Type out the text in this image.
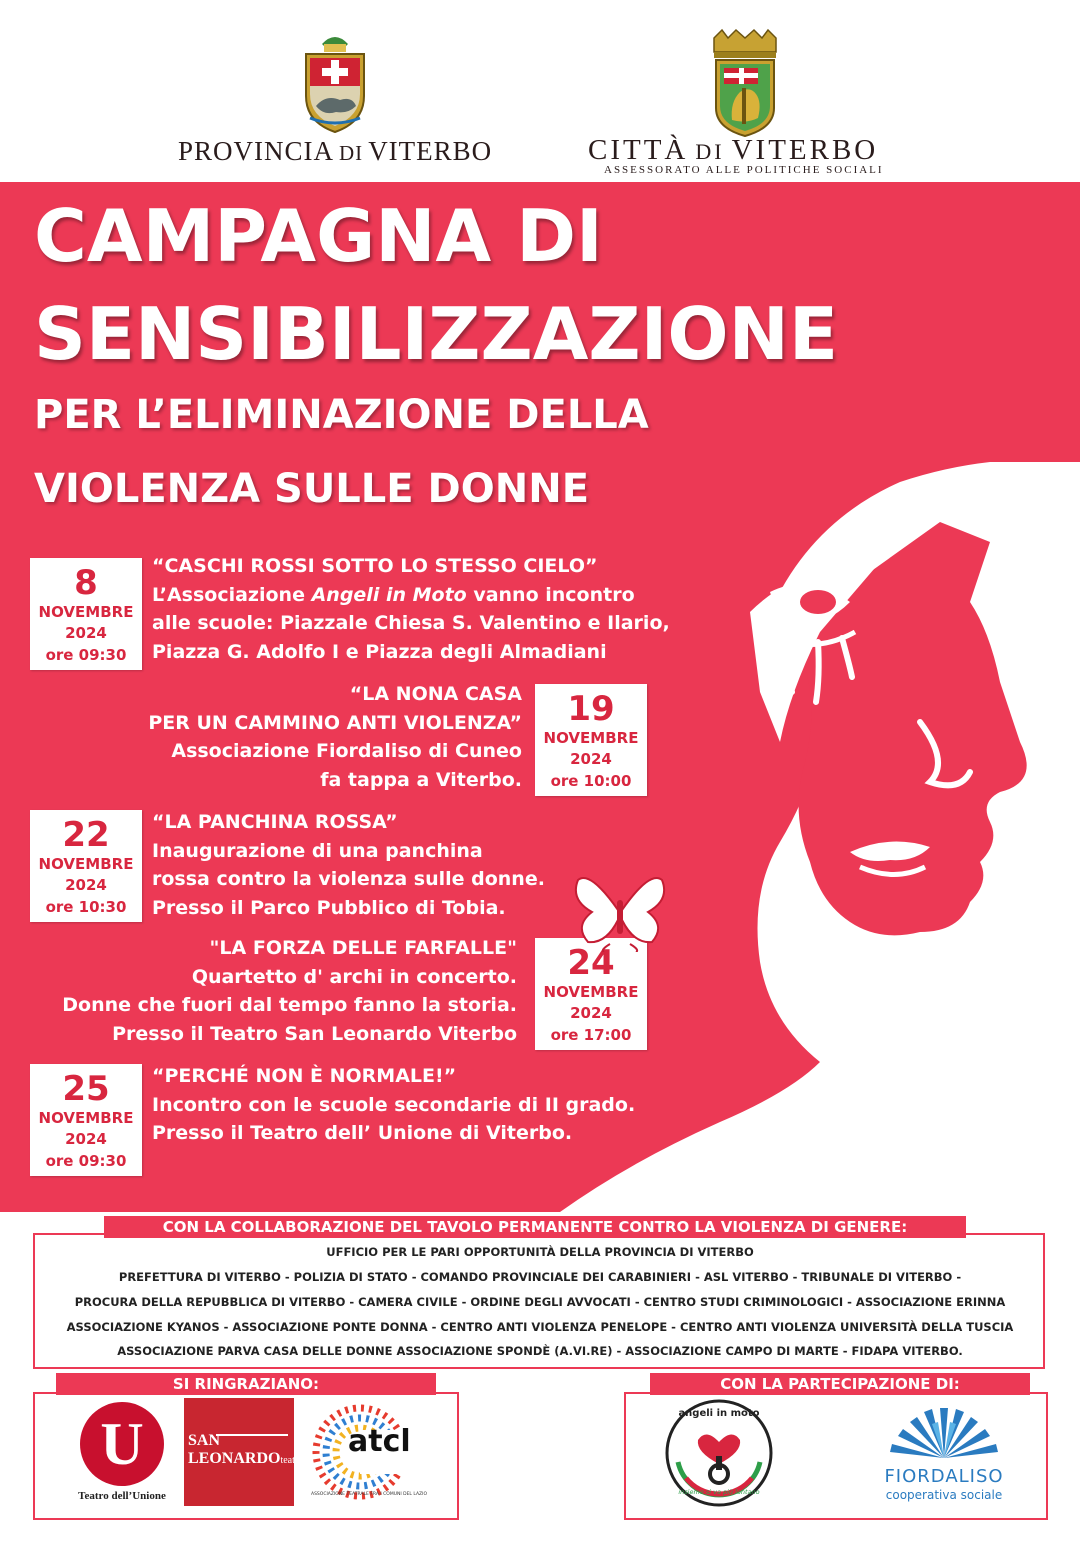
PROVINCIA DI VITERBO	CITTÀ DI VITERBO
ASSESSORATO ALLE POLITICHE SOCIALI
CAMPAGNA DI
SENSIBILIZZAZIONE
PER L’ELIMINAZIONE DELLA
VIOLENZA SULLE DONNE
8
NOVEMBRE
2024
ore 09:30
“CASCHI ROSSI SOTTO LO STESSO CIELO”
L’Associazione Angeli in Moto vanno incontro
alle scuole: Piazzale Chiesa S. Valentino e Ilario,
Piazza G. Adolfo I e Piazza degli Almadiani
“LA NONA CASA
PER UN CAMMINO ANTI VIOLENZA”
Associazione Fiordaliso di Cuneo
fa tappa a Viterbo.
19
NOVEMBRE
2024
ore 10:00
22
NOVEMBRE
2024
ore 10:30
“LA PANCHINA ROSSA”
Inaugurazione di una panchina
rossa contro la violenza sulle donne.
Presso il Parco Pubblico di Tobia.
"LA FORZA DELLE FARFALLE"
Quartetto d' archi in concerto.
Donne che fuori dal tempo fanno la storia.
Presso il Teatro San Leonardo Viterbo
24
NOVEMBRE
2024
ore 17:00
25
NOVEMBRE
2024
ore 09:30
“PERCHÉ NON È NORMALE!”
Incontro con le scuole secondarie di II grado.
Presso il Teatro dell’ Unione di Viterbo.
CON LA COLLABORAZIONE DEL TAVOLO PERMANENTE CONTRO LA VIOLENZA DI GENERE:
UFFICIO PER LE PARI OPPORTUNITÀ DELLA PROVINCIA DI VITERBO
PREFETTURA DI VITERBO - POLIZIA DI STATO - COMANDO PROVINCIALE DEI CARABINIERI - ASL VITERBO - TRIBUNALE DI VITERBO -
PROCURA DELLA REPUBBLICA DI VITERBO - CAMERA CIVILE - ORDINE DEGLI AVVOCATI - CENTRO STUDI CRIMINOLOGICI - ASSOCIAZIONE ERINNA
ASSOCIAZIONE KYANOS - ASSOCIAZIONE PONTE DONNA - CENTRO ANTI VIOLENZA PENELOPE - CENTRO ANTI VIOLENZA UNIVERSITÀ DELLA TUSCIA
ASSOCIAZIONE PARVA CASA DELLE DONNE ASSOCIAZIONE SPONDÈ (A.VI.RE) - ASSOCIAZIONE CAMPO DI MARTE - FIDAPA VITERBO.
SI RINGRAZIANO:
U
Teatro dell’Unione
SAN
LEONARDOteatro
atcl
ASSOCIAZIONE TEATRALE FRA I COMUNI DEL LAZIO
CON LA PARTECIPAZIONE DI:
angeli in moto
insieme si va più lontano
FIORDALISO
cooperativa sociale
